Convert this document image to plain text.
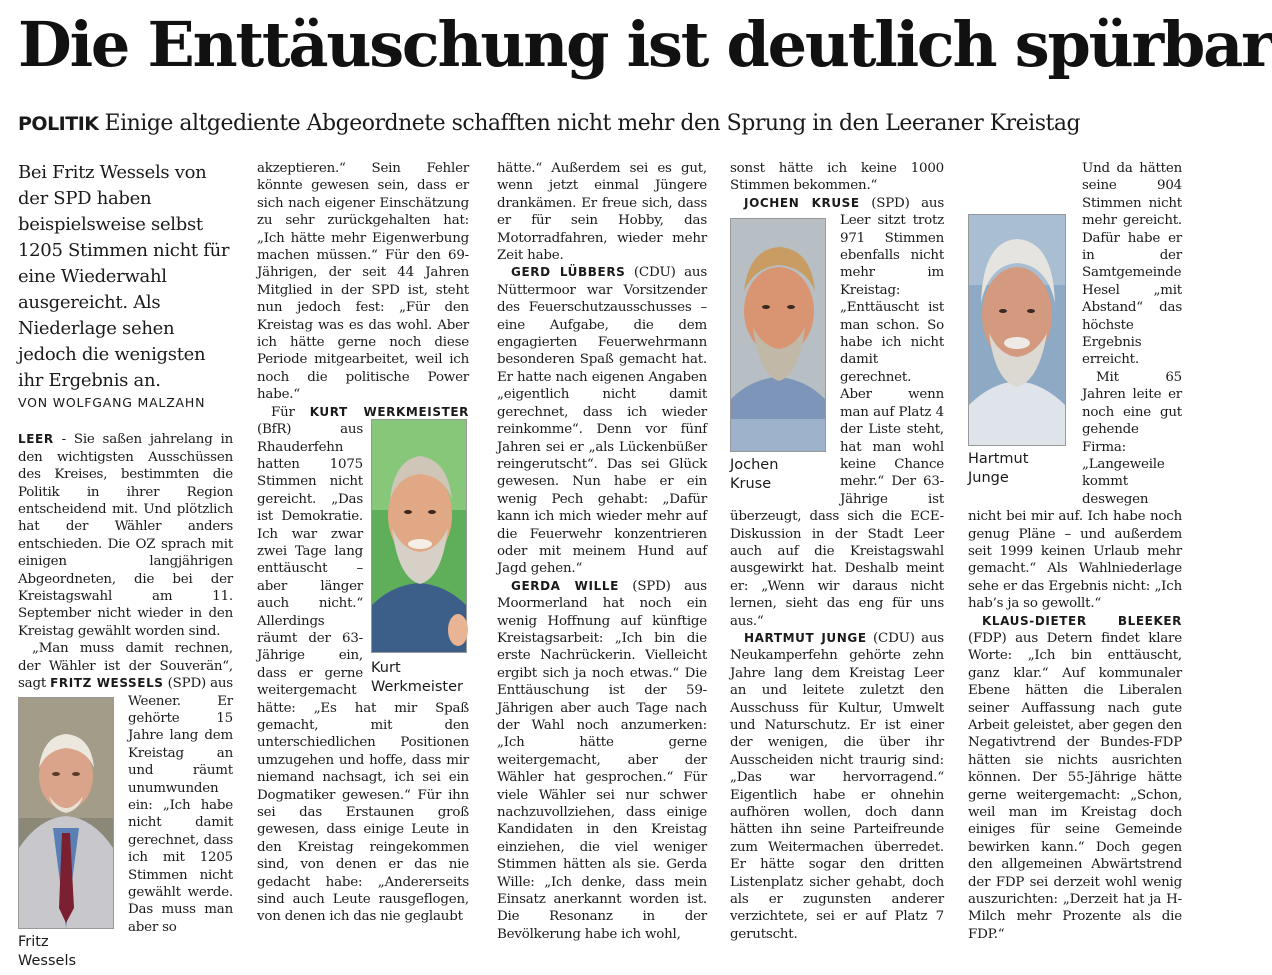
Die Enttäuschung ist deutlich spürbar
POLITIK Einige altgediente Abgeordnete schafften nicht mehr den Sprung in den Leeraner Kreistag

Bei Fritz Wessels von der SPD haben beispielsweise selbst 1205 Stimmen nicht für eine Wiederwahl ausgereicht. Als Niederlage sehen jedoch die wenigsten ihr Ergebnis an.

VON WOLFGANG MALZAHN

LEER - Sie saßen jahrelang in den wichtigsten Ausschüssen des Kreises, bestimmten die Politik in ihrer Region entscheidend mit. Und plötzlich hat der Wähler anders entschieden. Die OZ sprach mit einigen langjährigen Abgeordneten, die bei der Kreistagswahl am 11. September nicht wieder in den Kreistag gewählt worden sind.

„Man muss damit rechnen, der Wähler ist der Souverän“, sagt FRITZ WESSELS
Fritz Wessels
(SPD) aus Weener. Er gehörte 15 Jahre lang dem Kreistag an und räumt unumwunden ein: „Ich habe nicht damit gerechnet, dass ich mit 1205 Stimmen nicht gewählt werde. Das muss man aber so

akzeptieren.“ Sein Fehler könnte gewesen sein, dass er sich nach eigener Einschätzung zu sehr zurückgehalten hat: „Ich hätte mehr Eigenwerbung machen müssen.“ Für den 69-Jährigen, der seit 44 Jahren Mitglied in der SPD ist, steht nun jedoch fest: „Für den Kreistag was es das wohl. Aber ich hätte gerne noch diese Periode mitgearbeitet, weil ich noch die politische Power habe.“

Für KURT WERKMEISTER
Kurt Werkmeister
(BfR) aus Rhauderfehn hatten 1075 Stimmen nicht gereicht. „Das ist Demokratie. Ich war zwar zwei Tage lang enttäuscht – aber länger auch nicht.“ Allerdings räumt der 63-Jährige ein, dass er gerne weitergemacht hätte: „Es hat mir Spaß gemacht, mit den unterschiedlichen Positionen umzugehen und hoffe, dass mir niemand nachsagt, ich sei ein Dogmatiker gewesen.“ Für ihn sei das Erstaunen groß gewesen, dass einige Leute in den Kreistag reingekommen sind, von denen er das nie gedacht habe: „Andererseits sind auch Leute rausgeflogen, von denen ich das nie geglaubt

hätte.“ Außerdem sei es gut, wenn jetzt einmal Jüngere drankämen. Er freue sich, dass er für sein Hobby, das Motorradfahren, wieder mehr Zeit habe.

GERD LÜBBERS (CDU) aus Nüttermoor war Vorsitzender des Feuerschutzausschusses – eine Aufgabe, die dem engagierten Feuerwehrmann besonderen Spaß gemacht hat. Er hatte nach eigenen Angaben „eigentlich nicht damit gerechnet, dass ich wieder reinkomme“. Denn vor fünf Jahren sei er „als Lückenbüßer reingerutscht“. Das sei Glück gewesen. Nun habe er ein wenig Pech gehabt: „Dafür kann ich mich wieder mehr auf die Feuerwehr konzentrieren oder mit meinem Hund auf Jagd gehen.“

GERDA WILLE (SPD) aus Moormerland hat noch ein wenig Hoffnung auf künftige Kreistagsarbeit: „Ich bin die erste Nachrückerin. Vielleicht ergibt sich ja noch etwas.“ Die Enttäuschung ist der 59-Jährigen aber auch Tage nach der Wahl noch anzumerken: „Ich hätte gerne weitergemacht, aber der Wähler hat gesprochen.“ Für viele Wähler sei nur schwer nachzuvollziehen, dass einige Kandidaten in den Kreistag einziehen, die viel weniger Stimmen hätten als sie. Gerda Wille: „Ich denke, dass mein Einsatz anerkannt worden ist. Die Resonanz in der Bevölkerung habe ich wohl,

sonst hätte ich keine 1000 Stimmen bekommen.“

JOCHEN KRUSE
Jochen Kruse
(SPD) aus Leer sitzt trotz 971 Stimmen ebenfalls nicht mehr im Kreistag: „Enttäuscht ist man schon. So habe ich nicht damit gerechnet. Aber wenn man auf Platz 4 der Liste steht, hat man wohl keine Chance mehr.“ Der 63-Jährige ist überzeugt, dass sich die ECE-Diskussion in der Stadt Leer auch auf die Kreistagswahl ausgewirkt hat. Deshalb meint er: „Wenn wir daraus nicht lernen, sieht das eng für uns aus.“

HARTMUT JUNGE (CDU) aus Neukamperfehn gehörte zehn Jahre lang dem Kreistag Leer an und leitete zuletzt den Ausschuss für Kultur, Umwelt und Naturschutz. Er ist einer der wenigen, die über ihr Ausscheiden nicht traurig sind: „Das war hervorragend.“ Eigentlich habe er ohnehin aufhören wollen, doch dann hätten ihn seine Parteifreunde zum Weitermachen überredet. Er hätte sogar den dritten Listenplatz sicher gehabt, doch als er zugunsten anderer verzichtete, sei er auf Platz 7 gerutscht.

Hartmut Junge
Und da hätten seine 904 Stimmen nicht mehr gereicht. Dafür habe er in der Samtgemeinde Hesel „mit Abstand“ das höchste Ergebnis erreicht.

Mit 65 Jahren leite er noch eine gut gehende Firma: „Langeweile kommt deswegen nicht bei mir auf. Ich habe noch genug Pläne – und außerdem seit 1999 keinen Urlaub mehr gemacht.“ Als Wahlniederlage sehe er das Ergebnis nicht: „Ich hab’s ja so gewollt.“

KLAUS-DIETER BLEEKER (FDP) aus Detern findet klare Worte: „Ich bin enttäuscht, ganz klar.“ Auf kommunaler Ebene hätten die Liberalen seiner Auffassung nach gute Arbeit geleistet, aber gegen den Negativtrend der Bundes-FDP hätten sie nichts ausrichten können. Der 55-Jährige hätte gerne weitergemacht: „Schon, weil man im Kreistag doch einiges für seine Gemeinde bewirken kann.“ Doch gegen den allgemeinen Abwärtstrend der FDP sei derzeit wohl wenig auszurichten: „Derzeit hat ja H-Milch mehr Prozente als die FDP.“
